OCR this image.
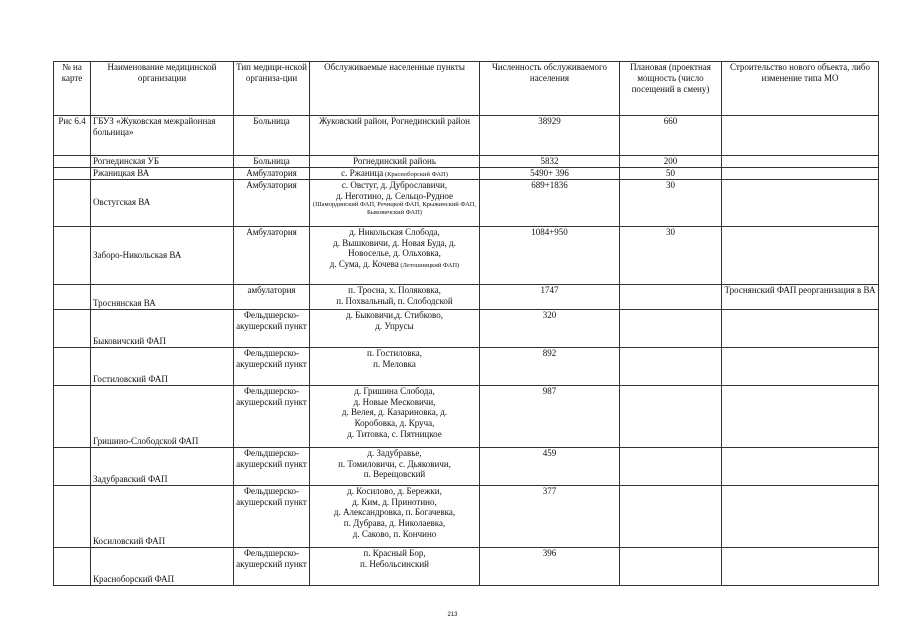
№ на карте	Наименование медицинской организации	Тип медици-нской организа-ции	Обслуживаемые населенные пункты	Численность обслуживаемого населения	Плановая (проектная мощность (число посещений в смену)	Строительство нового объекта, либо изменение типа МО
Рис 6.4	ГБУЗ «Жуковская межрайонная больница»	Больница	Жуковский район, Рогнединский район	38929	660	
	Рогнединская УБ	Больница	Рогнединский районь	5832	200	
	Ржаницкая ВА	Амбулатория	с. Ржаница (Красноборский ФАП)	5490+ 396	50	
	Овстугская ВА	Амбулатория	с. Овстуг, д. Дуброславичи,
д. Неготино, д. Сельцо-Рудное
(Шамординский ФАП, Речицкой ФАП, Крыжинский ФАП, Быковичский ФАП)	689+1836	30	
	Заборо-Никольская ВА	Амбулатория	д. Никольская Слобода,
д. Вышковичи, д. Новая Буда, д.
Новоселье, д. Ольховка,
д. Сума, д. Кочева (Летошницкий ФАП)	1084+950	30	
	Троснянская ВА	амбулатория	п. Тросна, х. Поляковка,
п. Похвальный, п. Слободской	1747		Троснянский ФАП реорганизация в ВА
	Быковичский ФАП	Фельдшерско-акушерский пункт	д. Быковичи,д. Стибково,
д. Упрусы	320		
	Гостиловский ФАП	Фельдшерско-акушерский пункт	п. Гостиловка,
п. Меловка	892		
	Гришино-Слободской ФАП	Фельдшерско-акушерский пункт	д. Гришина Слобода,
д. Новые Месковичи,
д. Велея, д. Казариновка, д.
Коробовка, д. Круча,
д. Титовка, с. Пятницкое	987		
	Задубравский ФАП	Фельдшерско-акушерский пункт	д. Задубравье,
п. Томиловичи, с. Дьяковичи,
п. Верещовский	459		
	Косиловский ФАП	Фельдшерско-акушерский пункт	д. Косилово, д. Бережки,
д. Ким, д. Принотино,
д. Александровка, п. Богачевка,
п. Дубрава, д. Николаевка,
д. Саково, п. Кончино	377		
	Красноборский ФАП	Фельдшерско-акушерский пункт	п. Красный Бор,
п. Небольсинский	396		
213
